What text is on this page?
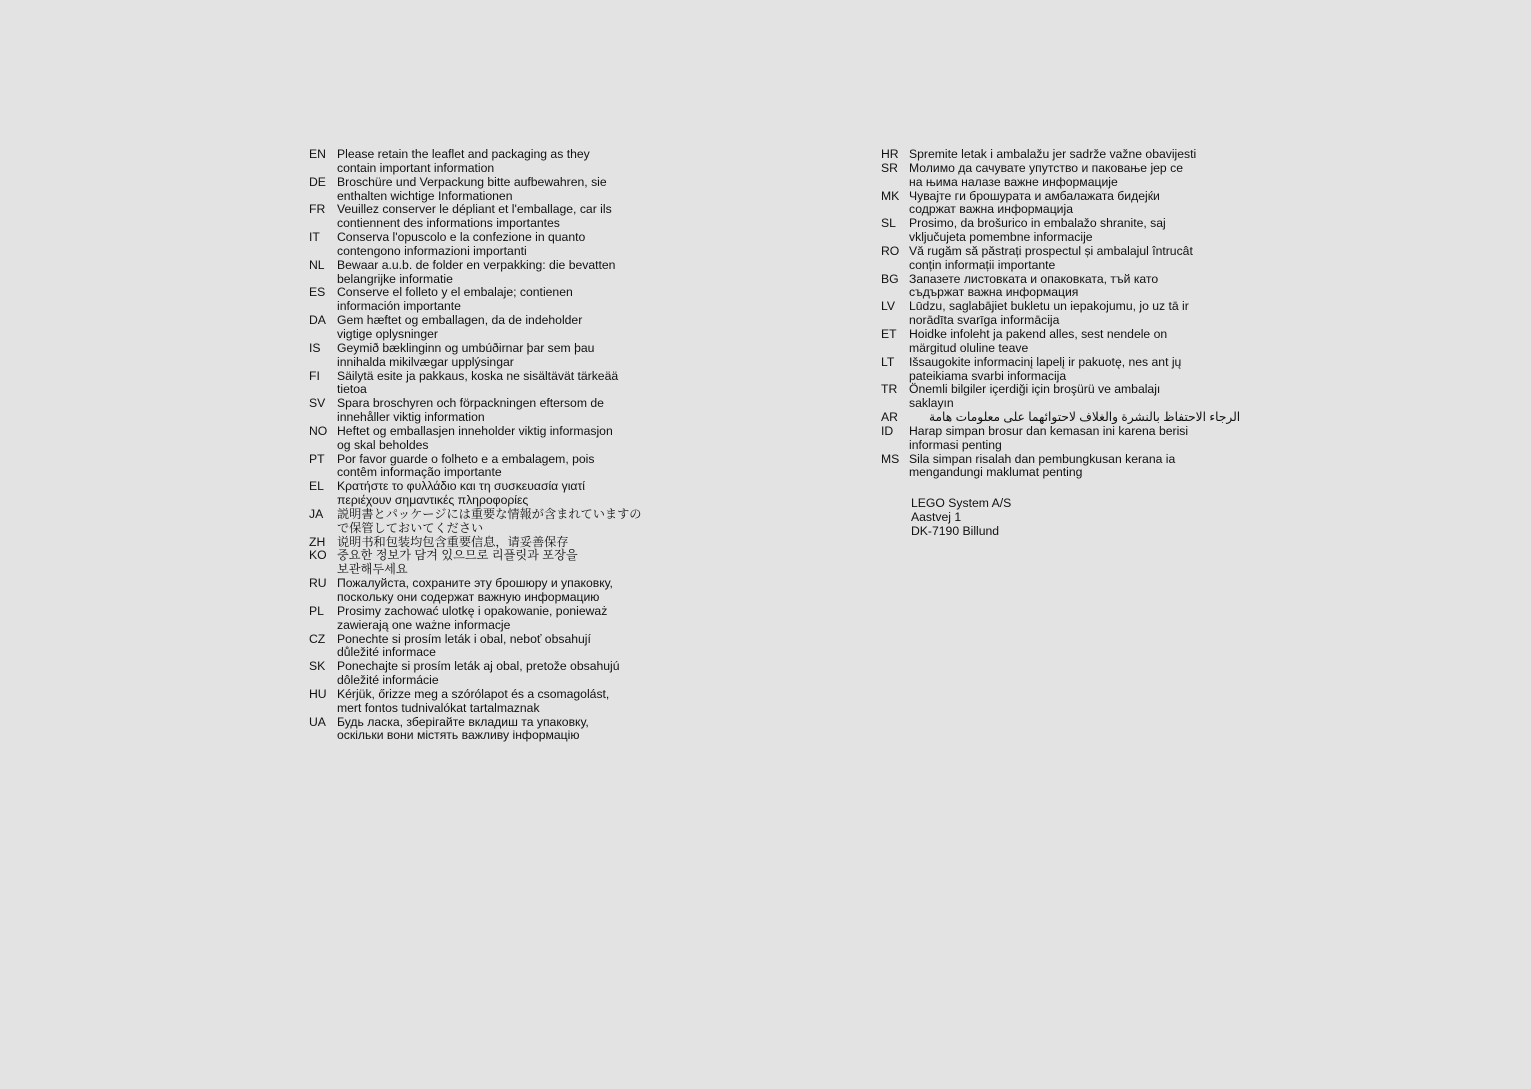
EN Please retain the leaflet and packaging as they
contain important information
DE Broschüre und Verpackung bitte aufbewahren, sie
enthalten wichtige Informationen
FR Veuillez conserver le dépliant et l'emballage, car ils
contiennent des informations importantes
IT	Conserva l'opuscolo e la confezione in quanto
contengono informazioni importanti
NL	Bewaar a.u.b. de folder en verpakking: die bevatten
belangrijke informatie
ES Conserve el folleto y el embalaje; contienen
información importante
DA Gem hæftet og emballagen, da de indeholder
vigtige oplysninger
IS	Geymið bæklinginn og umbúðirnar þar sem þau
innihalda mikilvægar upplýsingar
FI	Säilytä esite ja pakkaus, koska ne sisältävät tärkeää
tietoa
SV Spara broschyren och förpackningen eftersom de
innehåller viktig information
NO Heftet og emballasjen inneholder viktig informasjon
og skal beholdes
PT	Por favor guarde o folheto e a embalagem, pois
contêm informação importante
EL	Κρατήστε το φυλλάδιο και τη συσκευασία γιατί
περιέχουν σημαντικές πληροφορίες
JA	説明書とパッケージには重要な情報が含まれていますの
で保管しておいてください
ZH 说明书和包装均包含重要信息，请妥善保存
KO 중요한 정보가 담겨 있으므로 리플릿과 포장을
보관해두세요
RU Пожалуйста, сохраните эту брошюру и упаковку,
поскольку они содержат важную информацию
PL	Prosimy zachować ulotkę i opakowanie, ponieważ
zawierają one ważne informacje
CZ Ponechte si prosím leták i obal, neboť obsahují
důležité informace
SK Ponechajte si prosím leták aj obal, pretože obsahujú
dôležité informácie
HU Kérjük, őrizze meg a szórólapot és a csomagolást,
mert fontos tudnivalókat tartalmaznak
UA Будь ласка, зберігайте вкладиш та упаковку,
оскільки вони містять важливу інформацію
HR Spremite letak i ambalažu jer sadrže važne obavijesti
SR Молимо да сачувате упутство и паковање јер се
на њима налазе важне информације
MK Чувајте ги брошурата и амбалажата бидејќи
содржат важна информација
SL	Prosimo, da brošurico in embalažo shranite, saj
vključujeta pomembne informacije
RO Vă rugăm să păstrați prospectul și ambalajul întrucât
conțin informații importante
BG Запазете листовката и опаковката, тъй като
съдържат важна информация
LV	Lūdzu, saglabājiet bukletu un iepakojumu, jo uz tā ir
norādīta svarīga informācija
ET	Hoidke infoleht ja pakend alles, sest nendele on
märgitud oluline teave
LT	Išsaugokite informacinį lapelį ir pakuotę, nes ant jų
pateikiama svarbi informacija
TR Önemli bilgiler içerdiği için broşürü ve ambalajı
saklayın
AR	الرجاء الاحتفاظ بالنشرة والغلاف لاحتوائهما على معلومات هامة
ID	Harap simpan brosur dan kemasan ini karena berisi
informasi penting
MS Sila simpan risalah dan pembungkusan kerana ia
mengandungi maklumat penting
LEGO System A/S
Aastvej 1
DK-7190 Billund
